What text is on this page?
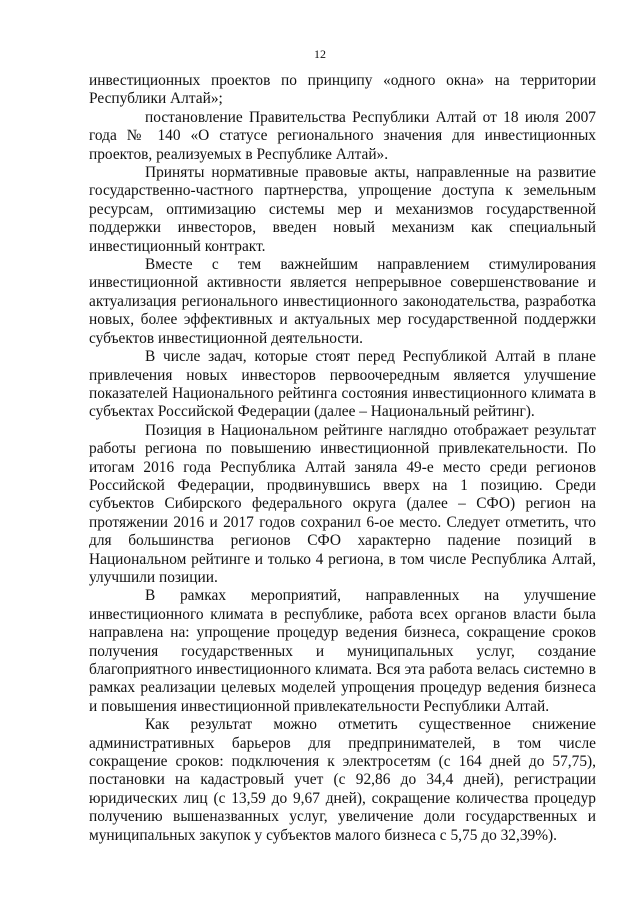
12

инвестиционных проектов по принципу «одного окна» на территории Республики Алтай»;

постановление Правительства Республики Алтай от 18 июля 2007 года № 140 «О статусе регионального значения для инвестиционных проектов, реализуемых в Республике Алтай».

Приняты нормативные правовые акты, направленные на развитие государственно-частного партнерства, упрощение доступа к земельным ресурсам, оптимизацию системы мер и механизмов государственной поддержки инвесторов, введен новый механизм как специальный инвестиционный контракт.

Вместе с тем важнейшим направлением стимулирования инвестиционной активности является непрерывное совершенствование и актуализация регионального инвестиционного законодательства, разработка новых, более эффективных и актуальных мер государственной поддержки субъектов инвестиционной деятельности.

В числе задач, которые стоят перед Республикой Алтай в плане привлечения новых инвесторов первоочередным является улучшение показателей Национального рейтинга состояния инвестиционного климата в субъектах Российской Федерации (далее – Национальный рейтинг).

Позиция в Национальном рейтинге наглядно отображает результат работы региона по повышению инвестиционной привлекательности. По итогам 2016 года Республика Алтай заняла 49-е место среди регионов Российской Федерации, продвинувшись вверх на 1 позицию. Среди субъектов Сибирского федерального округа (далее – СФО) регион на протяжении 2016 и 2017 годов сохранил 6-ое место. Следует отметить, что для большинства регионов СФО характерно падение позиций в Национальном рейтинге и только 4 региона, в том числе Республика Алтай, улучшили позиции.

В рамках мероприятий, направленных на улучшение инвестиционного климата в республике, работа всех органов власти была направлена на: упрощение процедур ведения бизнеса, сокращение сроков получения государственных и муниципальных услуг, создание благоприятного инвестиционного климата. Вся эта работа велась системно в рамках реализации целевых моделей упрощения процедур ведения бизнеса и повышения инвестиционной привлекательности Республики Алтай.

Как результат можно отметить существенное снижение административных барьеров для предпринимателей, в том числе сокращение сроков: подключения к электросетям (с 164 дней до 57,75), постановки на кадастровый учет (с 92,86 до 34,4 дней), регистрации юридических лиц (с 13,59 до 9,67 дней), сокращение количества процедур получению вышеназванных услуг, увеличение доли государственных и муниципальных закупок у субъектов малого бизнеса с 5,75 до 32,39%).
